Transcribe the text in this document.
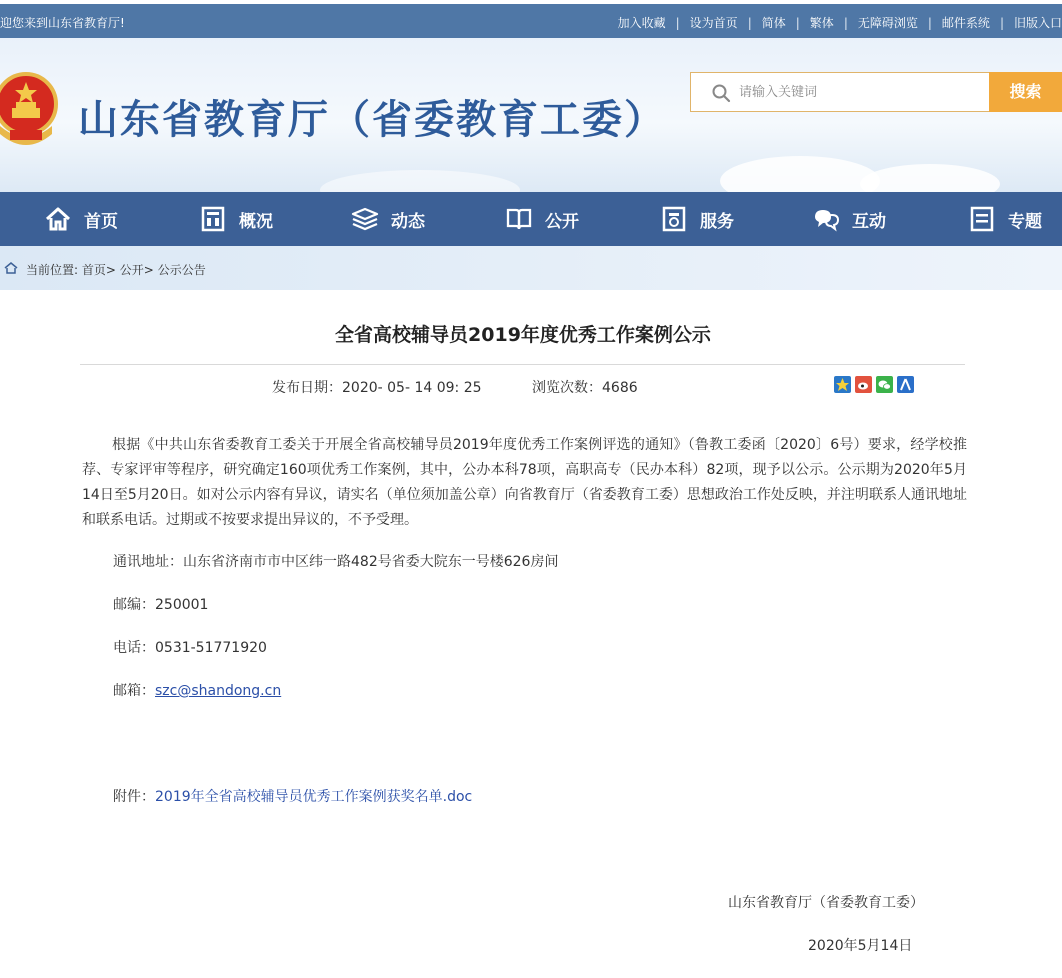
迎您来到山东省教育厅!	加入收藏 | 设为首页 | 简体 | 繁体 | 无障碍浏览 | 邮件系统 | 旧版入口
山东省教育厅（省委教育工委）
请输入关键词
搜索
首页	概况	动态	公开	服务	互动	专题
当前位置: 首页> 公开> 公示公告
全省高校辅导员2019年度优秀工作案例公示
发布日期：2020- 05- 14 09: 25	浏览次数：4686

根据《中共山东省委教育工委关于开展全省高校辅导员2019年度优秀工作案例评选的通知》（鲁教工委函〔2020〕6号）要求，经学校推荐、专家评审等程序，研究确定160项优秀工作案例，其中，公办本科78项，高职高专（民办本科）82项，现予以公示。公示期为2020年5月14日至5月20日。如对公示内容有异议，请实名（单位须加盖公章）向省教育厅（省委教育工委）思想政治工作处反映，并注明联系人通讯地址和联系电话。过期或不按要求提出异议的，不予受理。

通讯地址：山东省济南市市中区纬一路482号省委大院东一号楼626房间
邮编：250001
电话：0531-51771920
邮箱：szc@shandong.cn
附件：2019年全省高校辅导员优秀工作案例获奖名单.doc
山东省教育厅（省委教育工委）
2020年5月14日
